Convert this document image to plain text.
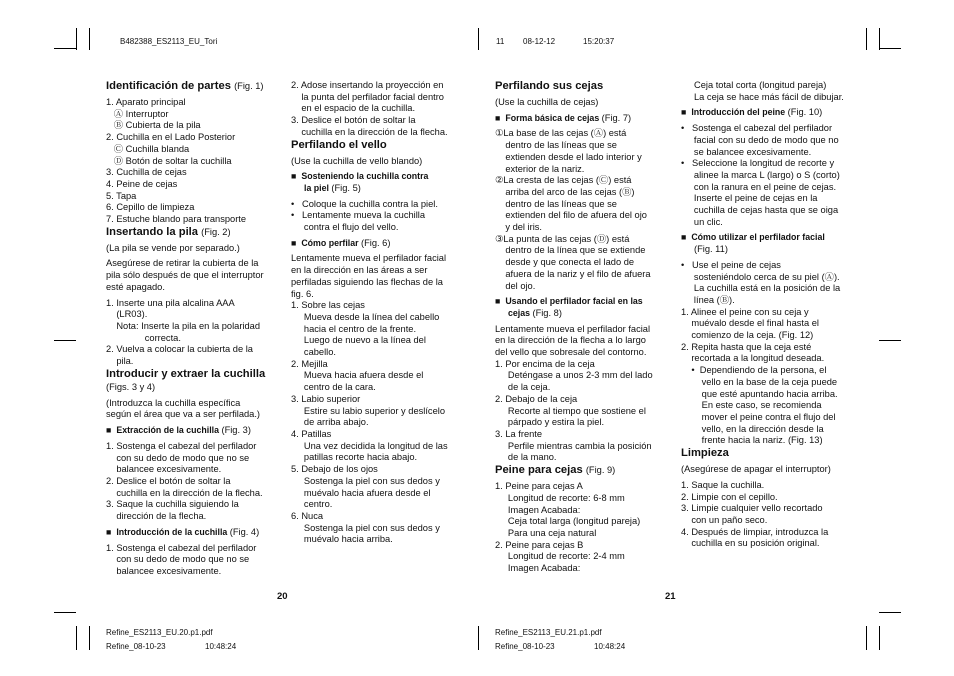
B482388_ES2113_EU_Tori	11 08-12-12	15:20:37
Identificación de partes (Fig. 1)
1. Aparato principal
Ⓐ Interruptor
Ⓑ Cubierta de la pila
2. Cuchilla en el Lado Posterior
Ⓒ Cuchilla blanda
Ⓓ Botón de soltar la cuchilla
3. Cuchilla de cejas
4. Peine de cejas
5. Tapa
6. Cepillo de limpieza
7. Estuche blando para transporte
Insertando la pila (Fig. 2)
(La pila se vende por separado.)
Asegúrese de retirar la cubierta de la
pila sólo después de que el interruptor
esté apagado.
1. Inserte una pila alcalina AAA
(LR03).
Nota: Inserte la pila en la polaridad
correcta.
2. Vuelva a colocar la cubierta de la
pila.
Introducir y extraer la cuchilla (Figs. 3 y 4)
(Introduzca la cuchilla específica
según el área que va a ser perfilada.)
■ Extracción de la cuchilla (Fig. 3)
1. Sostenga el cabezal del perfilador
con su dedo de modo que no se
balancee excesivamente.
2. Deslice el botón de soltar la
cuchilla en la dirección de la flecha.
3. Saque la cuchilla siguiendo la
dirección de la flecha.
■ Introducción de la cuchilla (Fig. 4)
1. Sostenga el cabezal del perfilador
con su dedo de modo que no se
balancee excesivamente.
2. Adose insertando la proyección en
la punta del perfilador facial dentro
en el espacio de la cuchilla.
3. Deslice el botón de soltar la
cuchilla en la dirección de la flecha.
Perfilando el vello
(Use la cuchilla de vello blando)
■ Sosteniendo la cuchilla contra
la piel (Fig. 5)
•   Coloque la cuchilla contra la piel.
•   Lentamente mueva la cuchilla
contra el flujo del vello.
■ Cómo perfilar (Fig. 6)
Lentamente mueva el perfilador facial
en la dirección en las áreas a ser
perfiladas siguiendo las flechas de la
fig. 6.
1. Sobre las cejas
Mueva desde la línea del cabello
hacia el centro de la frente.
Luego de nuevo a la línea del
cabello.
2. Mejilla
Mueva hacia afuera desde el
centro de la cara.
3. Labio superior
Estire su labio superior y deslícelo
de arriba abajo.
4. Patillas
Una vez decidida la longitud de las
patillas recorte hacia abajo.
5. Debajo de los ojos
Sostenga la piel con sus dedos y
muévalo hacia afuera desde el
centro.
6. Nuca
Sostenga la piel con sus dedos y
muévalo hacia arriba.
Perfilando sus cejas
(Use la cuchilla de cejas)
■ Forma básica de cejas (Fig. 7)
①La base de las cejas (Ⓐ) está
dentro de las líneas que se
extienden desde el lado interior y
exterior de la nariz.
②La cresta de las cejas (Ⓒ) está
arriba del arco de las cejas (Ⓑ)
dentro de las líneas que se
extienden del filo de afuera del ojo
y del iris.
③La punta de las cejas (Ⓓ) está
dentro de la línea que se extiende
desde y que conecta el lado de
afuera de la nariz y el filo de afuera
del ojo.
■ Usando el perfilador facial en las
cejas (Fig. 8)
Lentamente mueva el perfilador facial
en la dirección de la flecha a lo largo
del vello que sobresale del contorno.
1. Por encima de la ceja
Deténgase a unos 2-3 mm del lado
de la ceja.
2. Debajo de la ceja
Recorte al tiempo que sostiene el
párpado y estira la piel.
3. La frente
Perfile mientras cambia la posición
de la mano.
Peine para cejas (Fig. 9)
1. Peine para cejas A
Longitud de recorte: 6-8 mm
Imagen Acabada:
Ceja total larga (longitud pareja)
Para una ceja natural
2. Peine para cejas B
Longitud de recorte: 2-4 mm
Imagen Acabada:
Ceja total corta (longitud pareja)
La ceja se hace más fácil de dibujar.
■ Introducción del peine (Fig. 10)
•   Sostenga el cabezal del perfilador
facial con su dedo de modo que no
se balancee excesivamente.
•   Seleccione la longitud de recorte y
alinee la marca L (largo) o S (corto)
con la ranura en el peine de cejas.
Inserte el peine de cejas en la
cuchilla de cejas hasta que se oiga
un clic.
■ Cómo utilizar el perfilador facial
(Fig. 11)
•   Use el peine de cejas
sosteniéndolo cerca de su piel (Ⓐ).
La cuchilla está en la posición de la
línea (Ⓑ).
1. Alinee el peine con su ceja y
muévalo desde el final hasta el
comienzo de la ceja. (Fig. 12)
2. Repita hasta que la ceja esté
recortada a la longitud deseada.
•  Dependiendo de la persona, el
vello en la base de la ceja puede
que esté apuntando hacia arriba.
En este caso, se recomienda
mover el peine contra el flujo del
vello, en la dirección desde la
frente hacia la nariz. (Fig. 13)
Limpieza
(Asegúrese de apagar el interruptor)
1. Saque la cuchilla.
2. Limpie con el cepillo.
3. Limpie cualquier vello recortado
con un paño seco.
4. Después de limpiar, introduzca la
cuchilla en su posición original.
20	21
Refine_ES2113_EU.20.p1.pdf
Refine_08-10-23	10:48:24
Refine_ES2113_EU.21.p1.pdf
Refine_08-10-23	10:48:24
